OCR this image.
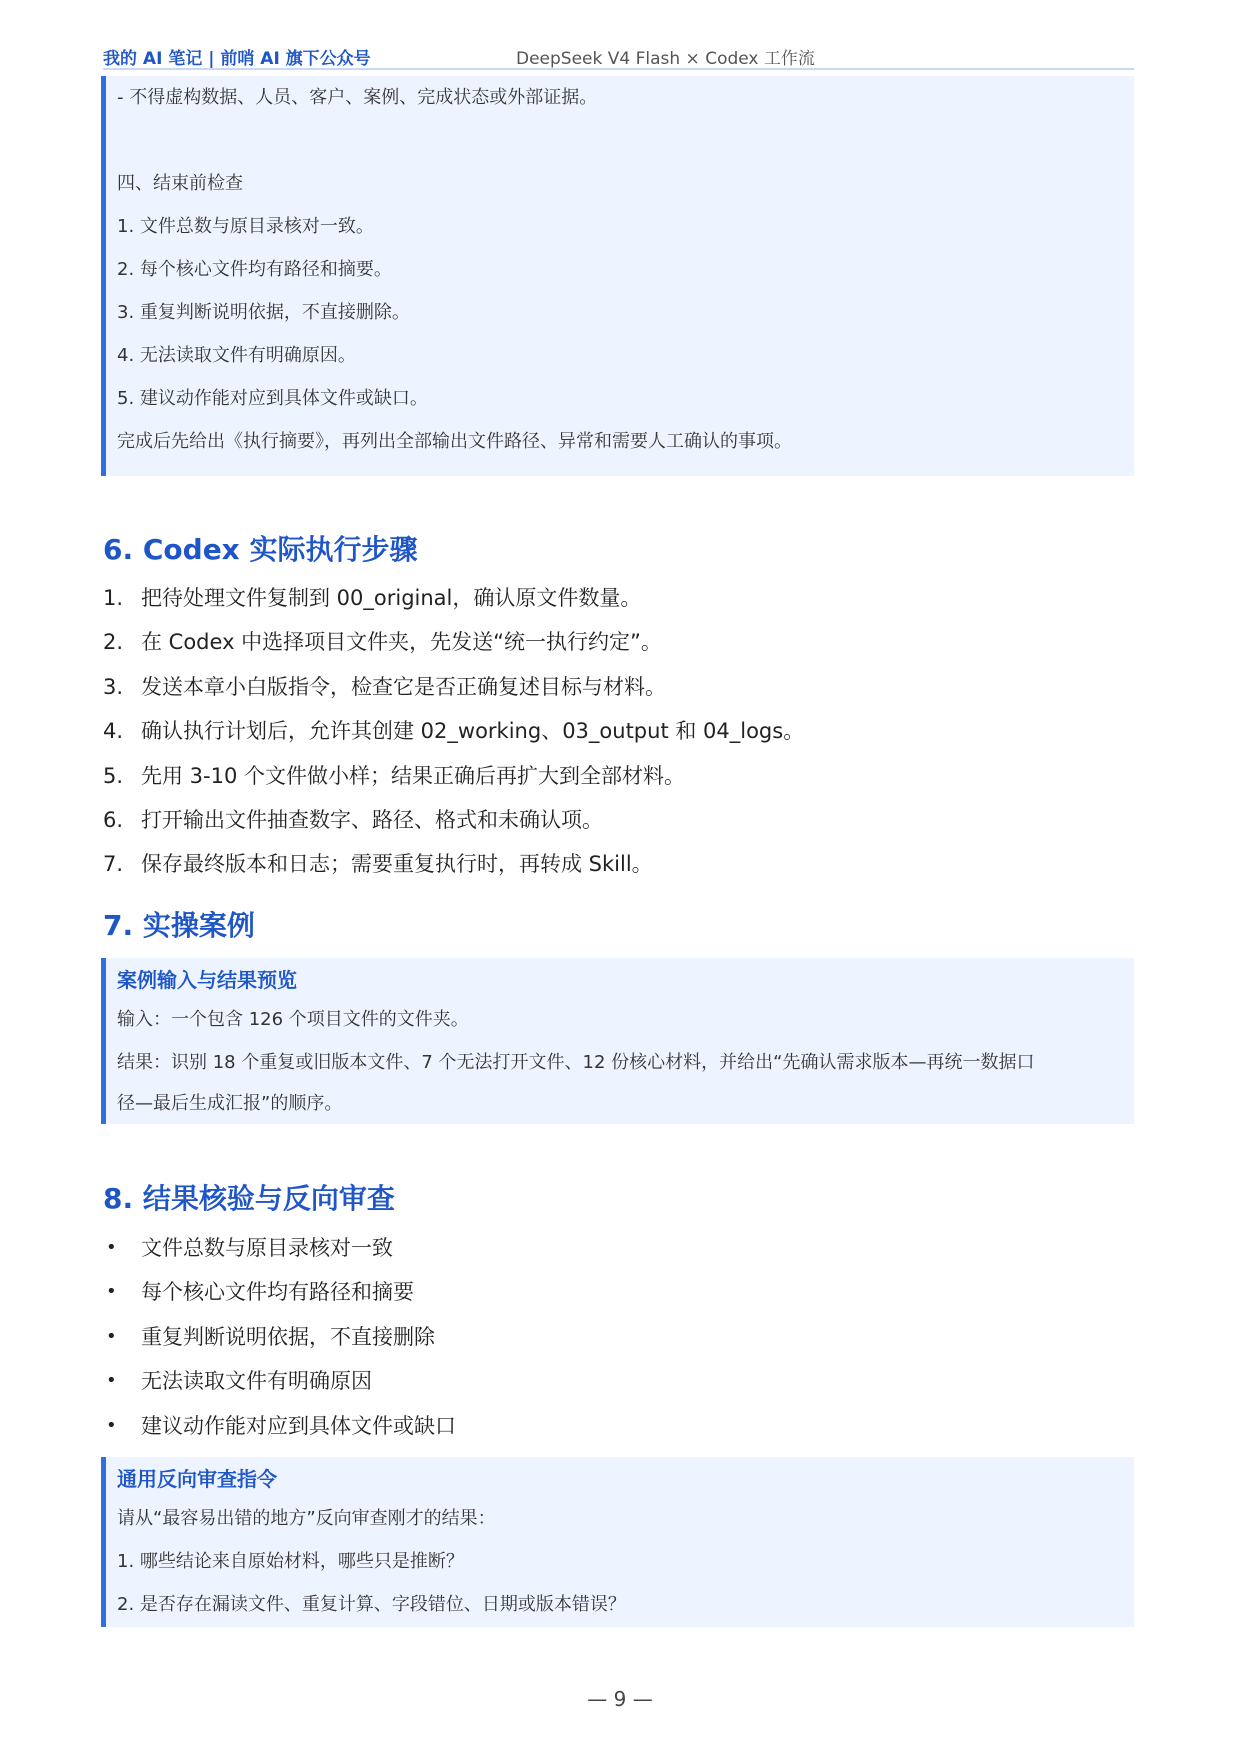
我的 AI 笔记 | 前哨 AI 旗下公众号	DeepSeek V4 Flash × Codex 工作流
- 不得虚构数据、人员、客户、案例、完成状态或外部证据。
四、结束前检查
1. 文件总数与原目录核对一致。
2. 每个核心文件均有路径和摘要。
3. 重复判断说明依据，不直接删除。
4. 无法读取文件有明确原因。
5. 建议动作能对应到具体文件或缺口。
完成后先给出《执行摘要》，再列出全部输出文件路径、异常和需要人工确认的事项。
6. Codex 实际执行步骤
1. 把待处理文件复制到 00_original，确认原文件数量。
2. 在 Codex 中选择项目文件夹，先发送“统一执行约定”。
3. 发送本章小白版指令，检查它是否正确复述目标与材料。
4. 确认执行计划后，允许其创建 02_working、03_output 和 04_logs。
5. 先用 3-10 个文件做小样；结果正确后再扩大到全部材料。
6. 打开输出文件抽查数字、路径、格式和未确认项。
7. 保存最终版本和日志；需要重复执行时，再转成 Skill。
7. 实操案例
案例输入与结果预览
输入：一个包含 126 个项目文件的文件夹。
结果：识别 18 个重复或旧版本文件、7 个无法打开文件、12 份核心材料，并给出“先确认需求版本—再统一数据口
径—最后生成汇报”的顺序。
8. 结果核验与反向审查
•	文件总数与原目录核对一致
•	每个核心文件均有路径和摘要
•	重复判断说明依据，不直接删除
•	无法读取文件有明确原因
•	建议动作能对应到具体文件或缺口
通用反向审查指令
请从“最容易出错的地方”反向审查刚才的结果：
1. 哪些结论来自原始材料，哪些只是推断？
2. 是否存在漏读文件、重复计算、字段错位、日期或版本错误？
— 9 —
